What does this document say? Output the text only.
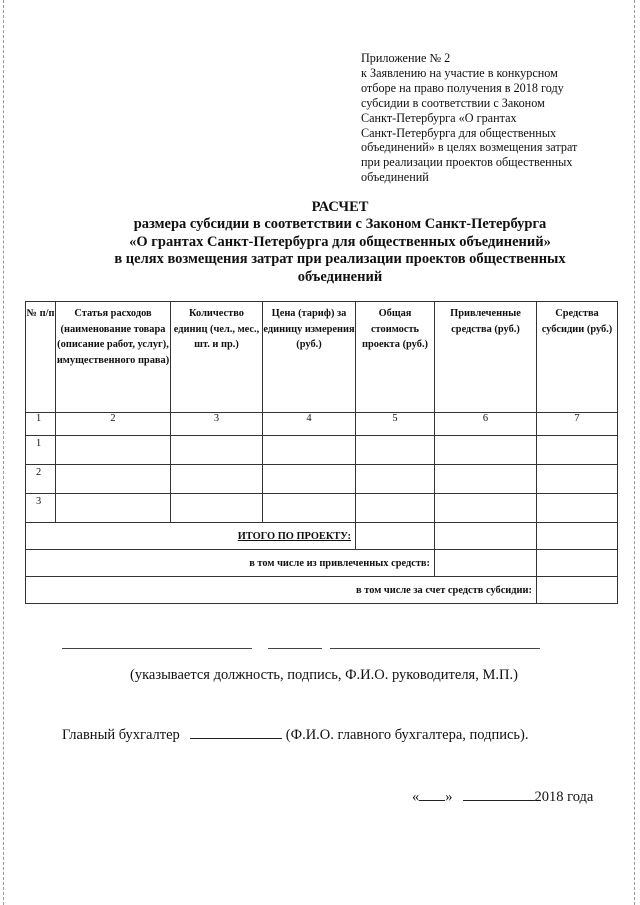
Приложение № 2
к Заявлению на участие в конкурсном
отборе на право получения в 2018 году
субсидии в соответствии с Законом
Санкт-Петербурга «О грантах
Санкт-Петербурга для общественных
объединений» в целях возмещения затрат
при реализации проектов общественных
объединений
РАСЧЕТ
размера субсидии в соответствии с Законом Санкт-Петербурга
«О грантах Санкт-Петербурга для общественных объединений»
в целях возмещения затрат при реализации проектов общественных
объединений
№ п/п	Статья расходов (наименование товара (описание работ, услуг), имущественного права)	Количество единиц (чел., мес., шт. и пр.)	Цена (тариф) за единицу измерения (руб.)	Общая стоимость проекта (руб.)	Привлеченные средства (руб.)	Средства субсидии (руб.)
1	2	3	4	5	6	7
1						
2						
3						
ИТОГО ПО ПРОЕКТУ:						
в том числе из привлеченных средств:						
в том числе за счет средств субсидии:						
(указывается должность, подпись, Ф.И.О. руководителя, М.П.)
Главный бухгалтер	(Ф.И.О. главного бухгалтера, подпись).
« »	2018 года
